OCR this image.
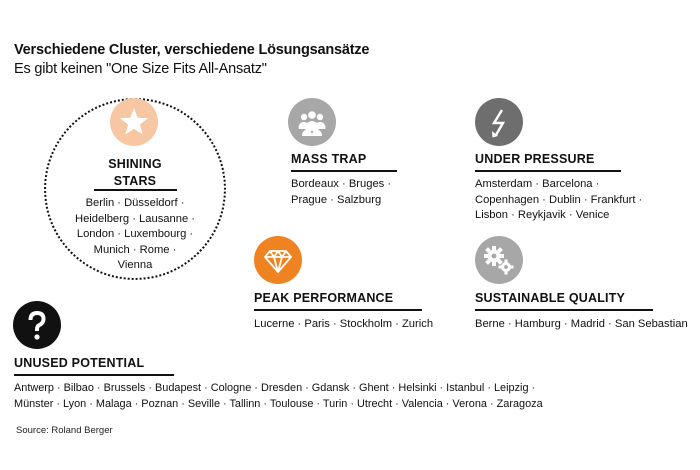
Verschiedene Cluster, verschiedene Lösungsansätze
Es gibt keinen "One Size Fits All-Ansatz"
SHINING
STARS
Berlin · Düsseldorf ·
Heidelberg · Lausanne ·
London · Luxembourg ·
Munich · Rome ·
Vienna
MASS TRAP
Bordeaux · Bruges ·
Prague · Salzburg
UNDER PRESSURE
Amsterdam · Barcelona ·
Copenhagen · Dublin · Frankfurt ·
Lisbon · Reykjavik · Venice
PEAK PERFORMANCE
Lucerne · Paris · Stockholm · Zurich
SUSTAINABLE QUALITY
Berne · Hamburg · Madrid · San Sebastian
UNUSED POTENTIAL
Antwerp · Bilbao · Brussels · Budapest · Cologne · Dresden · Gdansk · Ghent · Helsinki · Istanbul · Leipzig ·
Münster · Lyon · Malaga · Poznan · Seville · Tallinn · Toulouse · Turin · Utrecht · Valencia · Verona · Zaragoza
Source: Roland Berger
